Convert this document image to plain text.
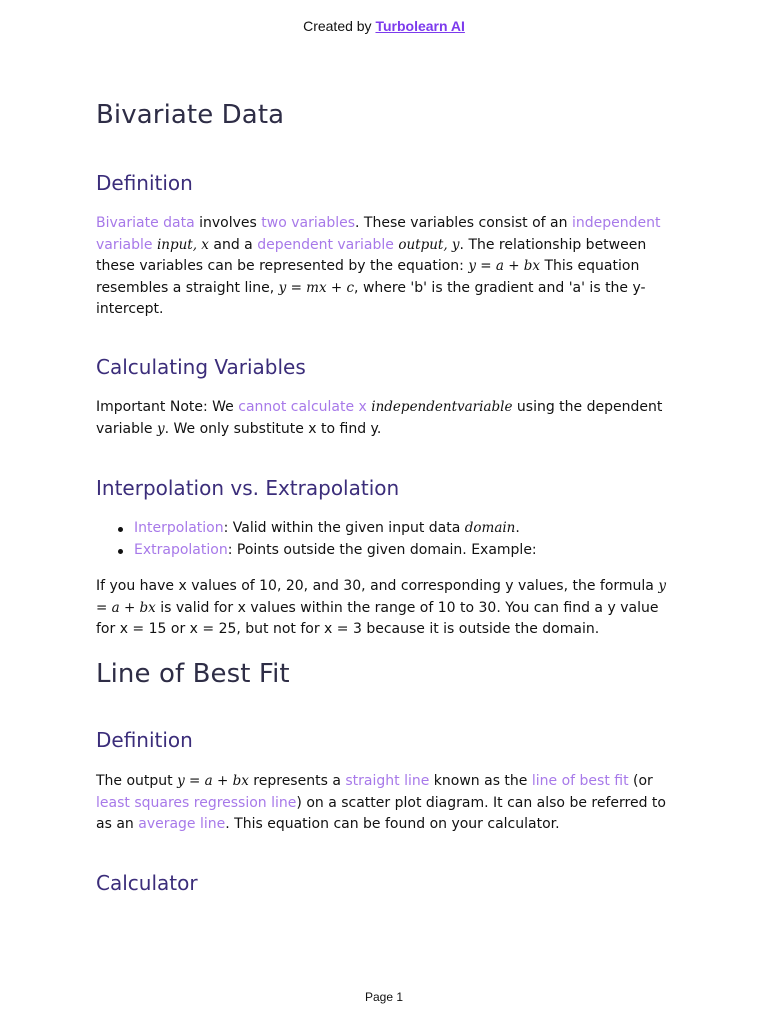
Created by Turbolearn AI
Bivariate Data
Definition

Bivariate data involves two variables. These variables consist of an independent variable input, x and a dependent variable output, y. The relationship between these variables can be represented by the equation: y = a + bx This equation resembles a straight line, y = mx + c, where 'b' is the gradient and 'a' is the y-intercept.

Calculating Variables

Important Note: We cannot calculate x independentvariable using the dependent variable y. We only substitute x to find y.

Interpolation vs. Extrapolation
Interpolation: Valid within the given input data domain.
Extrapolation: Points outside the given domain. Example:

If you have x values of 10, 20, and 30, and corresponding y values, the formula y = a + bx is valid for x values within the range of 10 to 30. You can find a y value for x = 15 or x = 25, but not for x = 3 because it is outside the domain.

Line of Best Fit
Definition

The output y = a + bx represents a straight line known as the line of best fit (or least squares regression line) on a scatter plot diagram. It can also be referred to as an average line. This equation can be found on your calculator.

Calculator
Page 1
